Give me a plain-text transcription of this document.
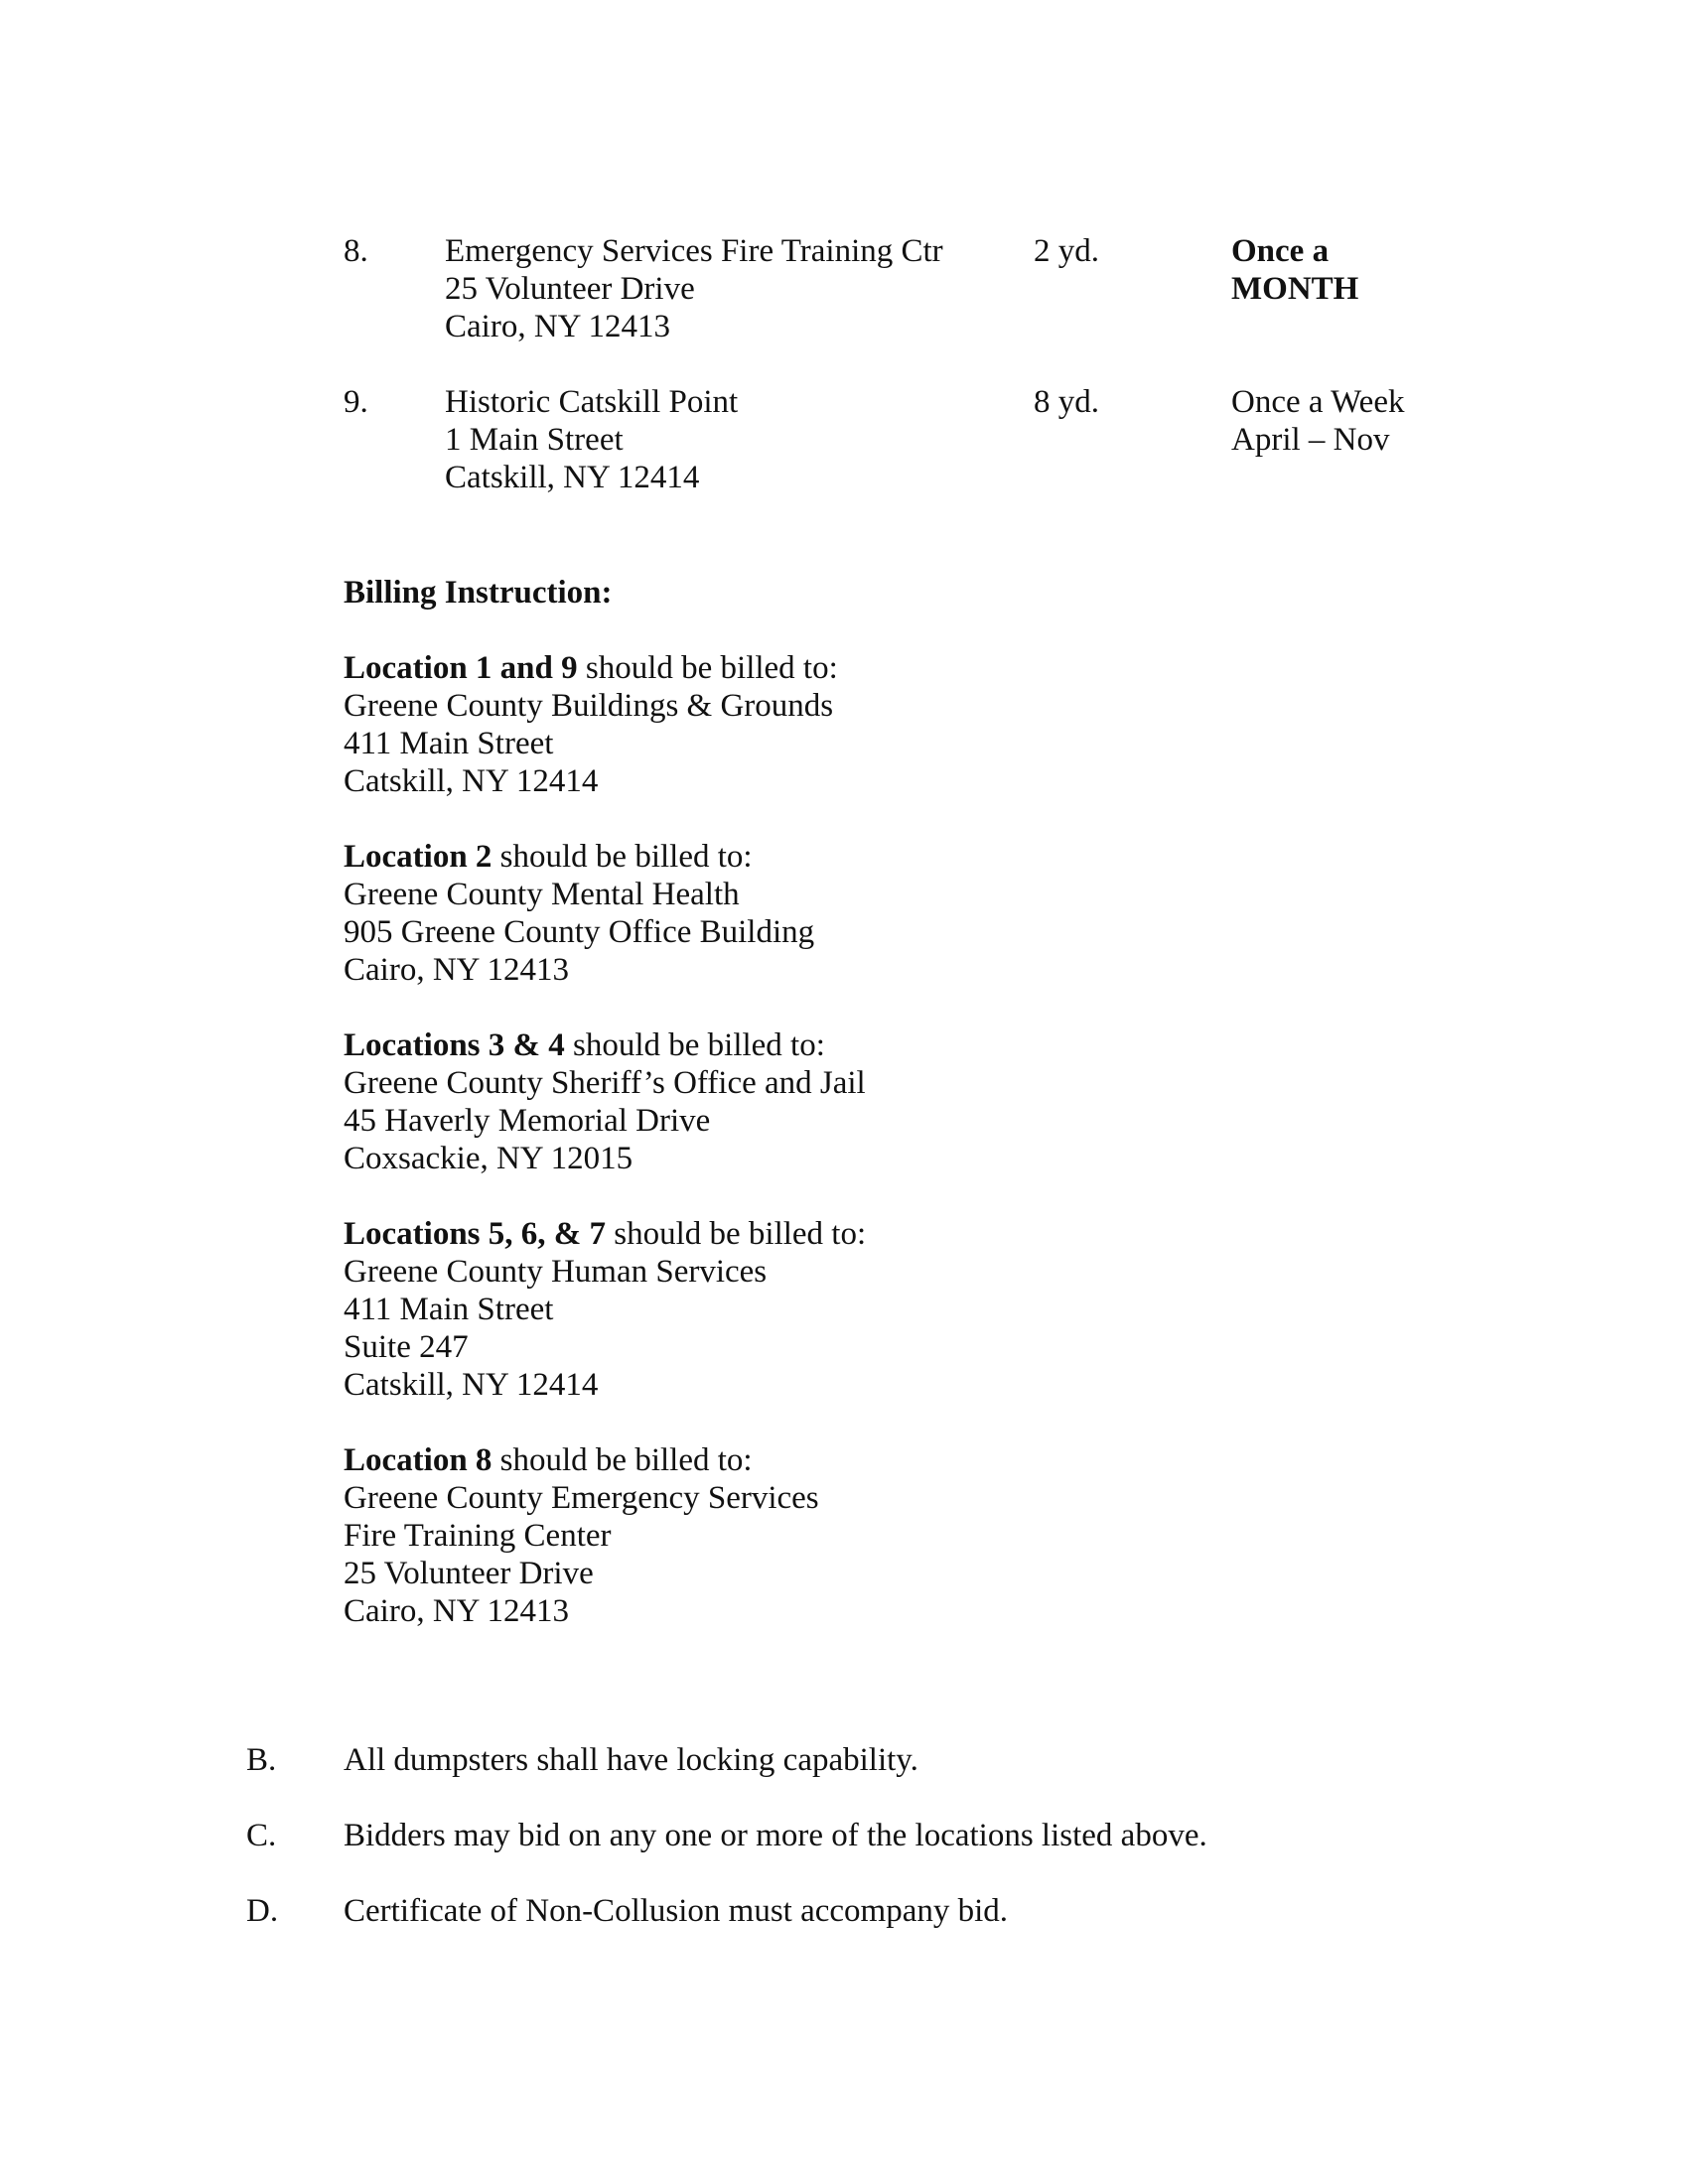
8. Emergency Services Fire Training Ctr
25 Volunteer Drive
Cairo, NY 12413
2 yd.	Once a
MONTH
9. Historic Catskill Point
1 Main Street
Catskill, NY 12414
8 yd.	Once a Week
April – Nov
Billing Instruction:
Location 1 and 9 should be billed to:
Greene County Buildings & Grounds
411 Main Street
Catskill, NY 12414
Location 2 should be billed to:
Greene County Mental Health
905 Greene County Office Building
Cairo, NY 12413
Locations 3 & 4 should be billed to:
Greene County Sheriff’s Office and Jail
45 Haverly Memorial Drive
Coxsackie, NY 12015
Locations 5, 6, & 7 should be billed to:
Greene County Human Services
411 Main Street
Suite 247
Catskill, NY 12414
Location 8 should be billed to:
Greene County Emergency Services
Fire Training Center
25 Volunteer Drive
Cairo, NY 12413
B. All dumpsters shall have locking capability.
C. Bidders may bid on any one or more of the locations listed above.
D. Certificate of Non-Collusion must accompany bid.
